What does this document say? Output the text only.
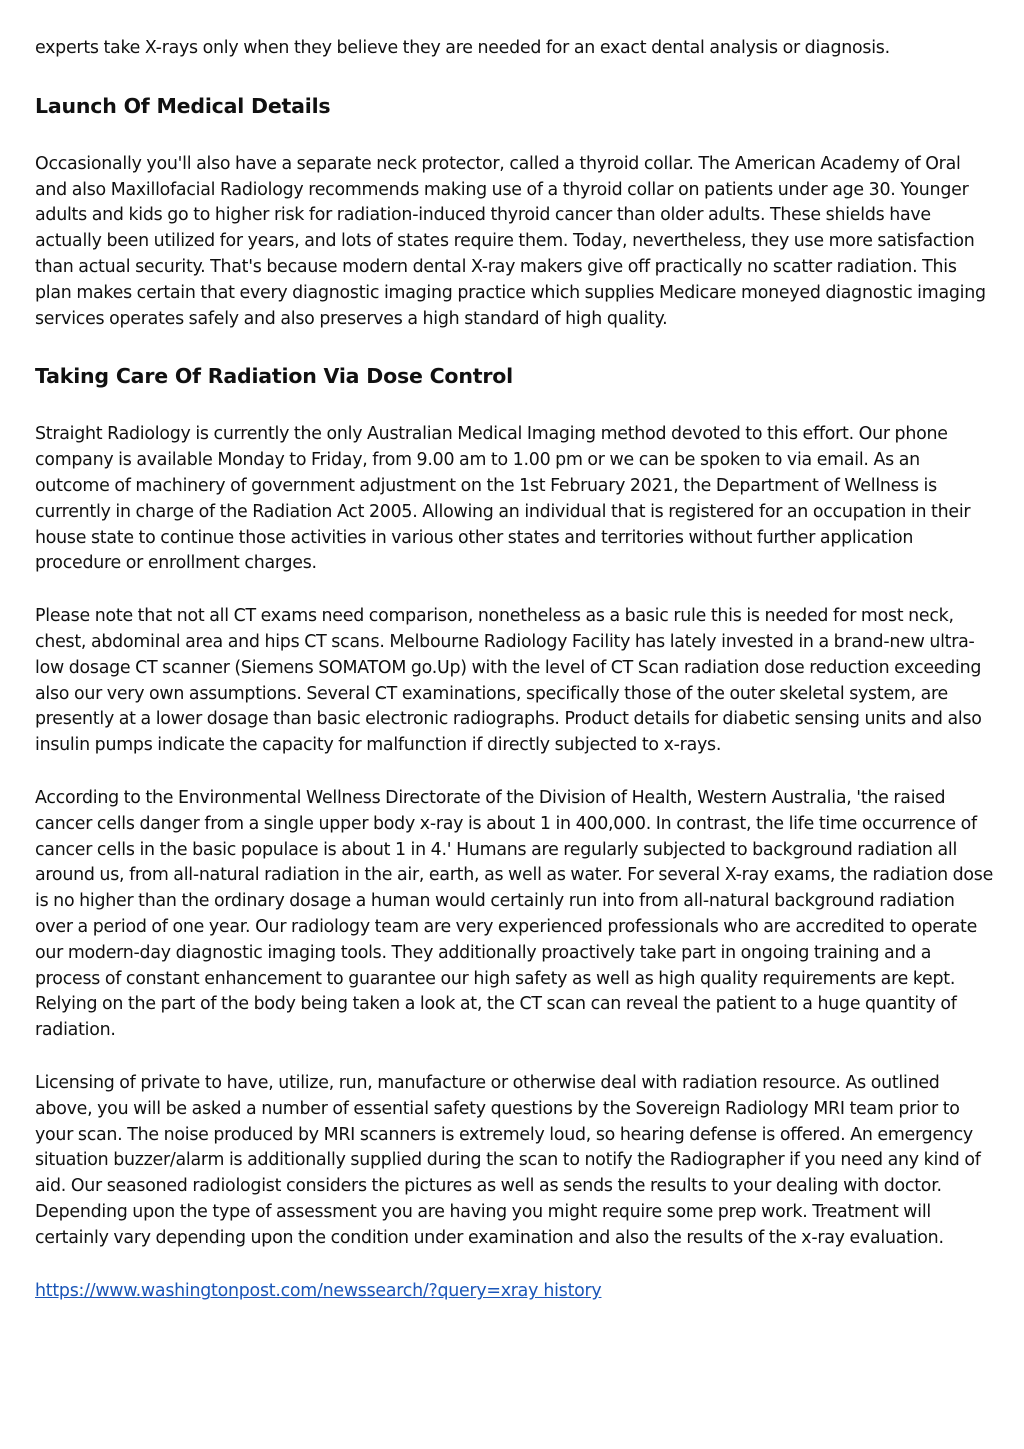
experts take X-rays only when they believe they are needed for an exact dental analysis or diagnosis.

Launch Of Medical Details

Occasionally you'll also have a separate neck protector, called a thyroid collar. The American Academy of Oral and also Maxillofacial Radiology recommends making use of a thyroid collar on patients under age 30. Younger adults and kids go to higher risk for radiation-induced thyroid cancer than older adults. These shields have actually been utilized for years, and lots of states require them. Today, nevertheless, they use more satisfaction than actual security. That's because modern dental X-ray makers give off practically no scatter radiation. This plan makes certain that every diagnostic imaging practice which supplies Medicare moneyed diagnostic imaging services operates safely and also preserves a high standard of high quality.

Taking Care Of Radiation Via Dose Control

Straight Radiology is currently the only Australian Medical Imaging method devoted to this effort. Our phone company is available Monday to Friday, from 9.00 am to 1.00 pm or we can be spoken to via email. As an outcome of machinery of government adjustment on the 1st February 2021, the Department of Wellness is currently in charge of the Radiation Act 2005. Allowing an individual that is registered for an occupation in their house state to continue those activities in various other states and territories without further application procedure or enrollment charges.

Please note that not all CT exams need comparison, nonetheless as a basic rule this is needed for most neck, chest, abdominal area and hips CT scans. Melbourne Radiology Facility has lately invested in a brand-new ultra-low dosage CT scanner (Siemens SOMATOM go.Up) with the level of CT Scan radiation dose reduction exceeding also our very own assumptions. Several CT examinations, specifically those of the outer skeletal system, are presently at a lower dosage than basic electronic radiographs. Product details for diabetic sensing units and also insulin pumps indicate the capacity for malfunction if directly subjected to x-rays.

According to the Environmental Wellness Directorate of the Division of Health, Western Australia, 'the raised cancer cells danger from a single upper body x-ray is about 1 in 400,000. In contrast, the life time occurrence of cancer cells in the basic populace is about 1 in 4.' Humans are regularly subjected to background radiation all around us, from all-natural radiation in the air, earth, as well as water. For several X-ray exams, the radiation dose is no higher than the ordinary dosage a human would certainly run into from all-natural background radiation over a period of one year. Our radiology team are very experienced professionals who are accredited to operate our modern-day diagnostic imaging tools. They additionally proactively take part in ongoing training and a process of constant enhancement to guarantee our high safety as well as high quality requirements are kept. Relying on the part of the body being taken a look at, the CT scan can reveal the patient to a huge quantity of radiation.

Licensing of private to have, utilize, run, manufacture or otherwise deal with radiation resource. As outlined above, you will be asked a number of essential safety questions by the Sovereign Radiology MRI team prior to your scan. The noise produced by MRI scanners is extremely loud, so hearing defense is offered. An emergency situation buzzer/alarm is additionally supplied during the scan to notify the Radiographer if you need any kind of aid. Our seasoned radiologist considers the pictures as well as sends the results to your dealing with doctor. Depending upon the type of assessment you are having you might require some prep work. Treatment will certainly vary depending upon the condition under examination and also the results of the x-ray evaluation.

https://www.washingtonpost.com/newssearch/?query=xray history
